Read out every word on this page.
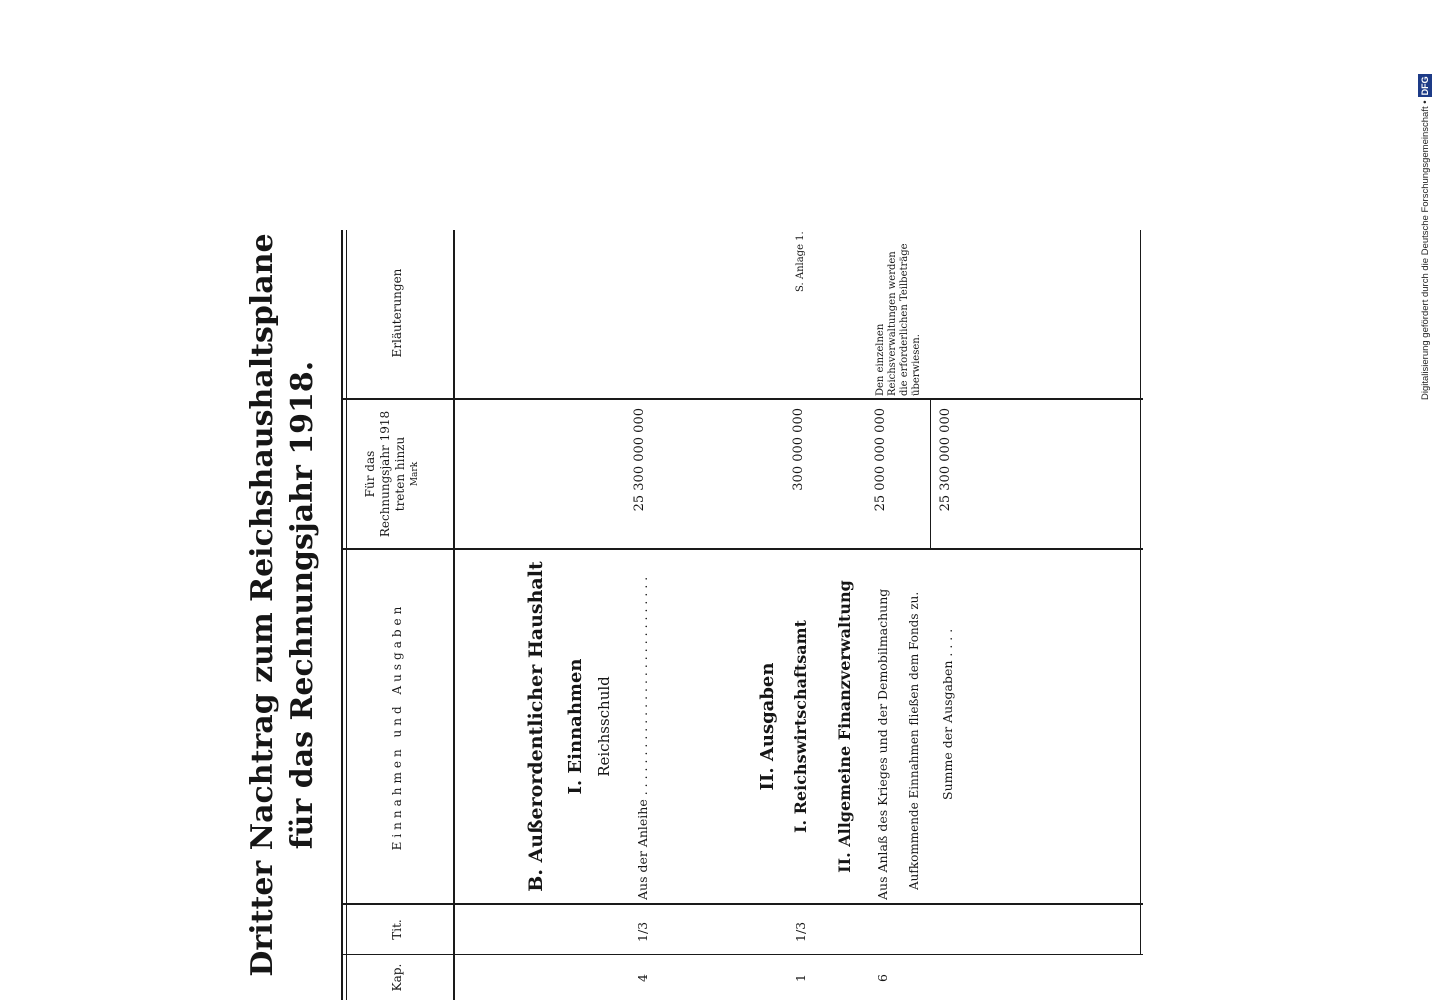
Dritter Nachtrag zum Reichshaushaltsplane für das Rechnungsjahr 1918.
Kap.
Tit.
Einnahmen und Ausgaben
Für das Rechnungsjahr 1918 treten hinzu Mark
Erläuterungen
B. Außerordentlicher Haushalt I. Einnahmen Reichsschuld
4
1/3
Aus der Anleihe . . . . . . . . . . . . . . . . . . . . . . . . . . . .
25 300 000 000
II. Ausgaben I. Reichswirtschaftsamt
1
1/3
300 000 000
S. Anlage 1.
II. Allgemeine Finanzverwaltung
6
Aus Anlaß des Krieges und der Demobilmachung
25 000 000 000
Den einzelnen Reichsverwaltungen werden die erforderlichen Teilbeträge überwiesen.
Aufkommende Einnahmen fließen dem Fonds zu. Summe der Ausgaben . . . .
25 300 000 000
Digitalisierung gefördert durch die Deutsche Forschungsgemeinschaft •DFG
